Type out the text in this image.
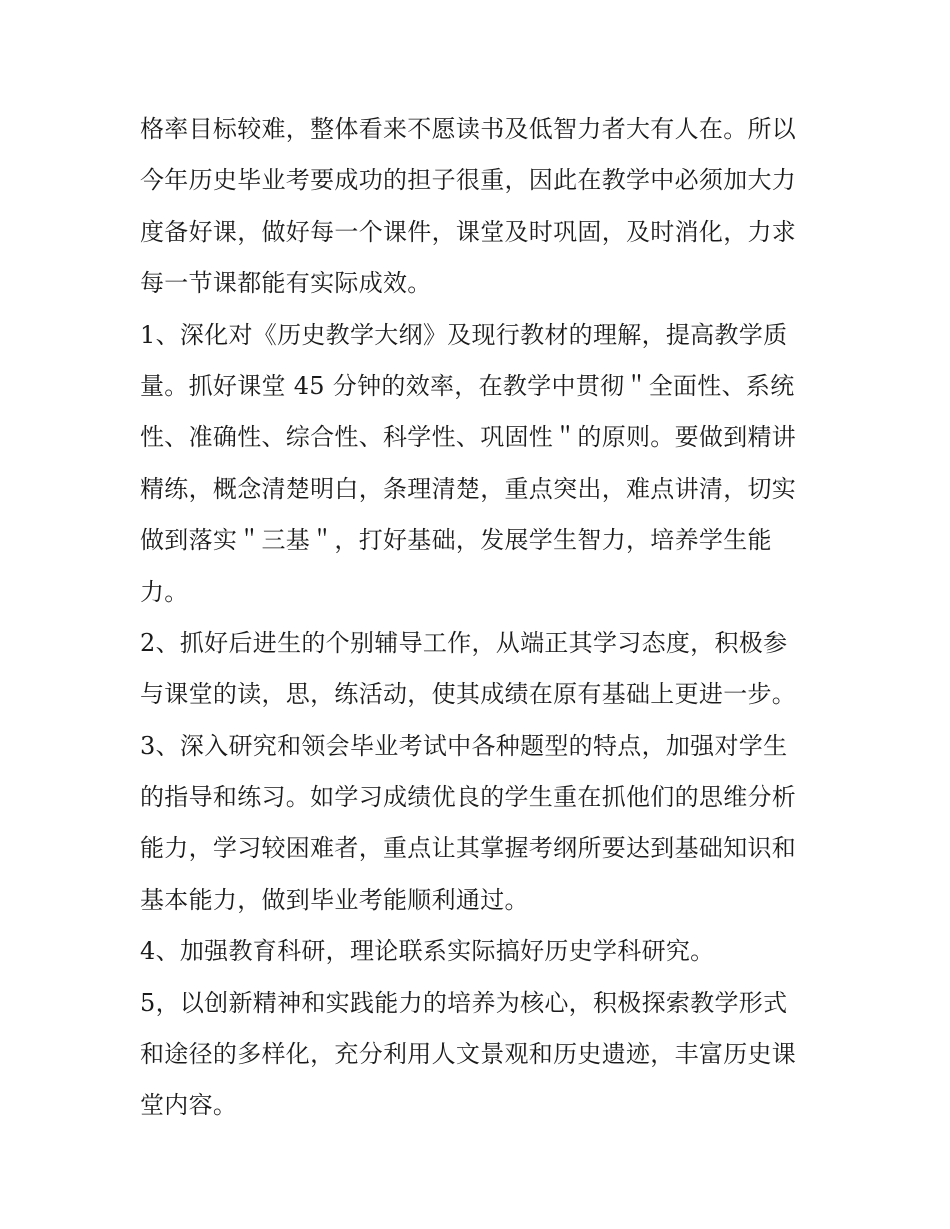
格率目标较难，整体看来不愿读书及低智力者大有人在。所以
今年历史毕业考要成功的担子很重，因此在教学中必须加大力
度备好课，做好每一个课件，课堂及时巩固，及时消化，力求
每一节课都能有实际成效。
1、深化对《历史教学大纲》及现行教材的理解，提高教学质
量。抓好课堂 45 分钟的效率，在教学中贯彻＂全面性、系统
性、准确性、综合性、科学性、巩固性＂的原则。要做到精讲
精练，概念清楚明白，条理清楚，重点突出，难点讲清，切实
做到落实＂三基＂，打好基础，发展学生智力，培养学生能
力。
2、抓好后进生的个别辅导工作，从端正其学习态度，积极参
与课堂的读，思，练活动，使其成绩在原有基础上更进一步。
3、深入研究和领会毕业考试中各种题型的特点，加强对学生
的指导和练习。如学习成绩优良的学生重在抓他们的思维分析
能力，学习较困难者，重点让其掌握考纲所要达到基础知识和
基本能力，做到毕业考能顺利通过。
4、加强教育科研，理论联系实际搞好历史学科研究。
5，以创新精神和实践能力的培养为核心，积极探索教学形式
和途径的多样化，充分利用人文景观和历史遗迹，丰富历史课
堂内容。
